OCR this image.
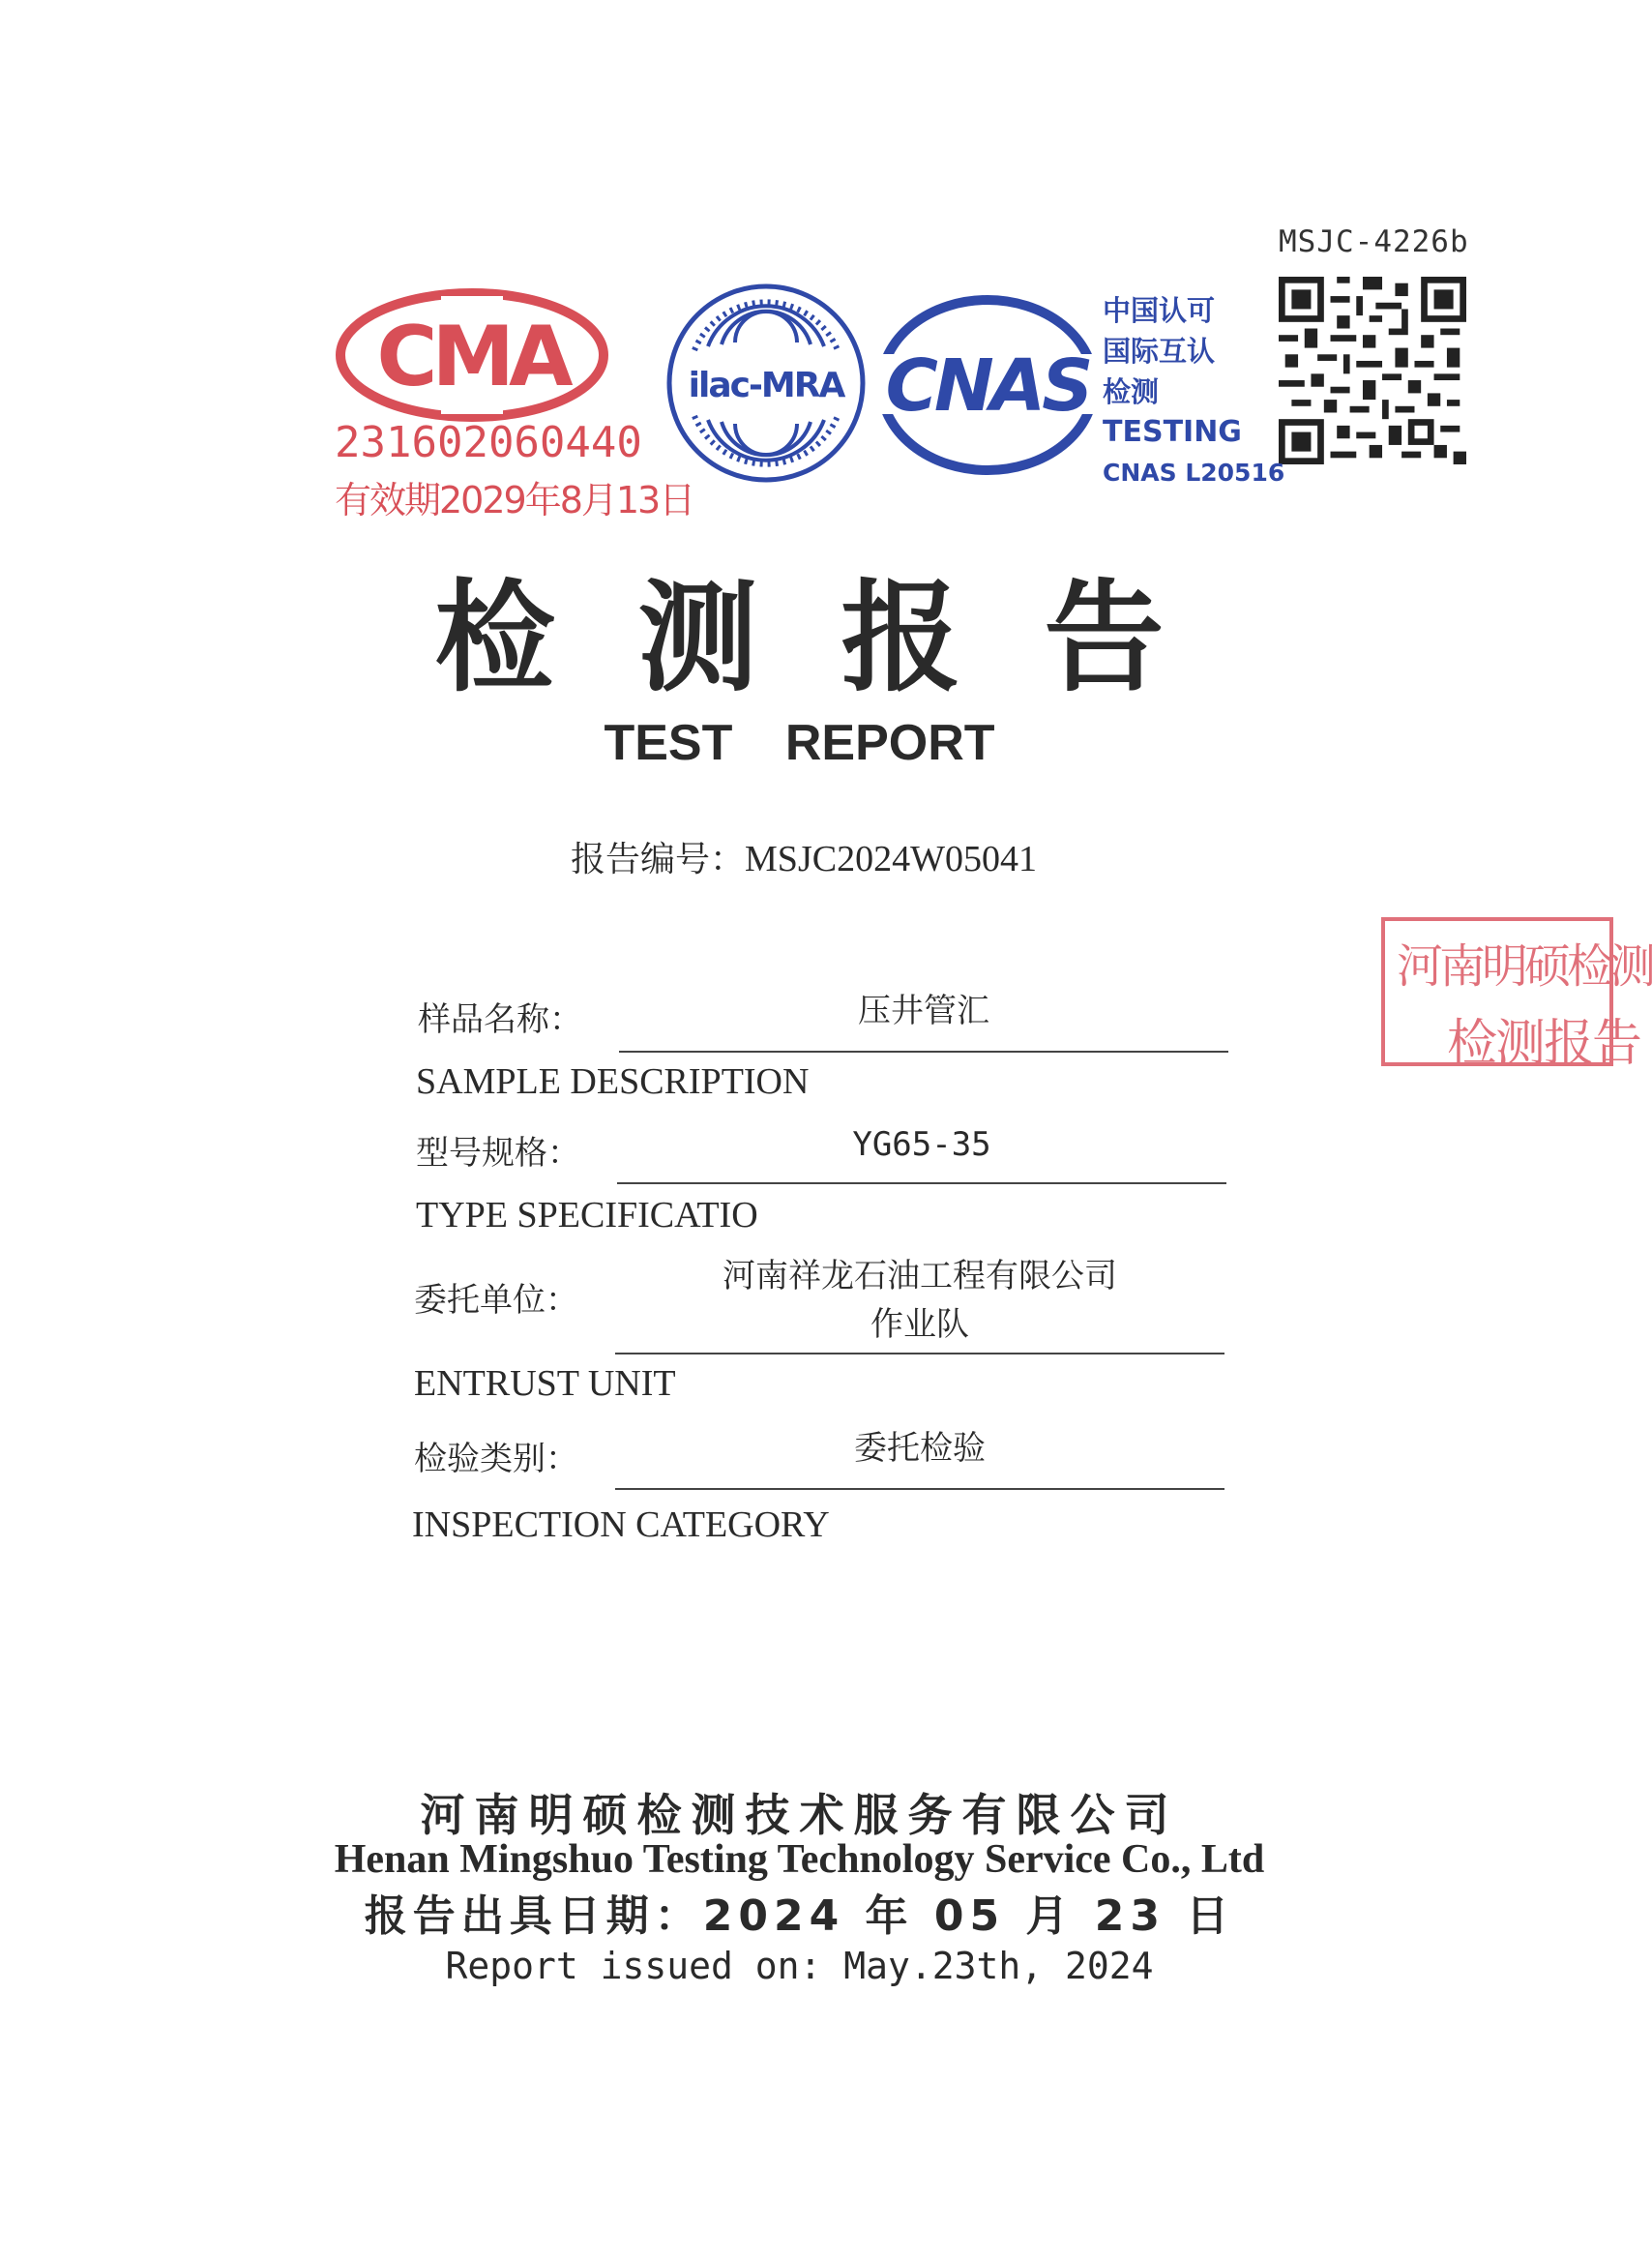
MSJC-4226b
CMA
231602060440
有效期2029年8月13日
ilac-MRA CNAS
中国认可
国际互认
检测
TESTING
CNAS L20516
检测报告
TEST REPORT
报告编号：MSJC2024W05041
河南明硕检测
检测报告
样品名称：	压井管汇
SAMPLE DESCRIPTION
型号规格：	YG65-35
TYPE SPECIFICATIO
委托单位：
河南祥龙石油工程有限公司
作业队
ENTRUST UNIT
检验类别：	委托检验
INSPECTION CATEGORY
河南明硕检测技术服务有限公司
Henan Mingshuo Testing Technology Service Co., Ltd
报告出具日期：2024 年 05 月 23 日
Report issued on: May.23th, 2024
